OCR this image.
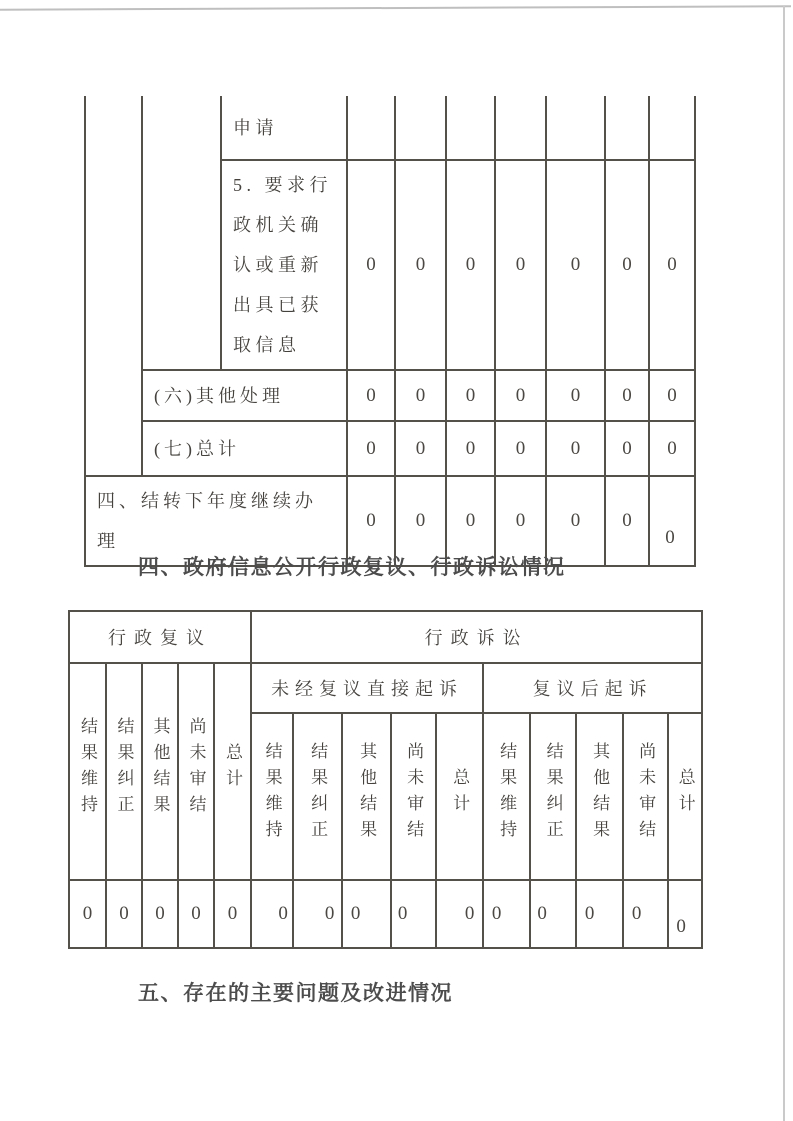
		申请							
		5. 要求行政机关确认或重新出具已获取信息	0	0	0	0	0	0	0
	(六)其他处理		0	0	0	0	0	0	0
	(七)总计		0	0	0	0	0	0	0
四、结转下年度继续办理			0	0	0	0	0	0	0
四、政府信息公开行政复议、行政诉讼情况
行政复议					行政诉讼									
结果维持	结果纠正	其他结果	尚未审结	总计	未经复议直接起诉					复议后起诉				
					结果维持	结果纠正	其他结果	尚未审结	总计	结果维持	结果纠正	其他结果	尚未审结	总计
0	0	0	0	0	0	0	0	0	0	0	0	0	0	0
五、存在的主要问题及改进情况
